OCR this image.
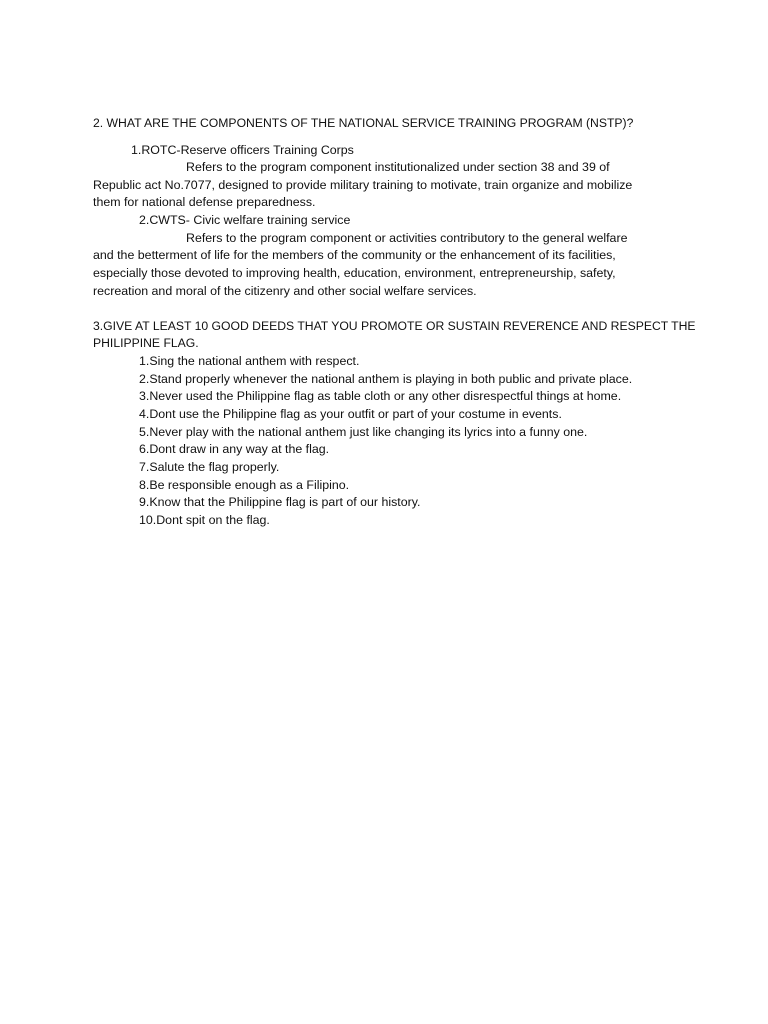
2. WHAT ARE THE COMPONENTS OF THE NATIONAL SERVICE TRAINING PROGRAM (NSTP)?
1.ROTC-Reserve officers Training Corps
Refers to the program component institutionalized under section 38 and 39 of
Republic act No.7077, designed to provide military training to motivate, train organize and mobilize
them for national defense preparedness.
2.CWTS- Civic welfare training service
Refers to the program component or activities contributory to the general welfare
and the betterment of life for the members of the community or the enhancement of its facilities,
especially those devoted to improving health, education, environment, entrepreneurship, safety,
recreation and moral of the citizenry and other social welfare services.
3.GIVE AT LEAST 10 GOOD DEEDS THAT YOU PROMOTE OR SUSTAIN REVERENCE AND RESPECT THE
PHILIPPINE FLAG.
1.Sing the national anthem with respect.
2.Stand properly whenever the national anthem is playing in both public and private place.
3.Never used the Philippine flag as table cloth or any other disrespectful things at home.
4.Dont use the Philippine flag as your outfit or part of your costume in events.
5.Never play with the national anthem just like changing its lyrics into a funny one.
6.Dont draw in any way at the flag.
7.Salute the flag properly.
8.Be responsible enough as a Filipino.
9.Know that the Philippine flag is part of our history.
10.Dont spit on the flag.
